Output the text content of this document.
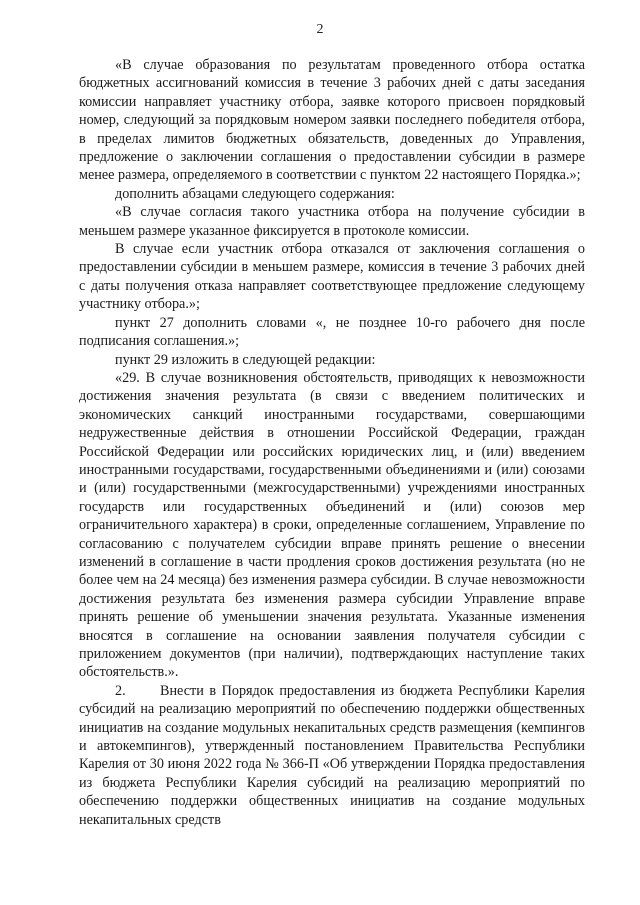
2

«В случае образования по результатам проведенного отбора остатка бюджетных ассигнований комиссия в течение 3 рабочих дней с даты заседания комиссии направляет участнику отбора, заявке которого присвоен порядковый номер, следующий за порядковым номером заявки последнего победителя отбора, в пределах лимитов бюджетных обязательств, доведенных до Управления, предложение о заключении соглашения о предоставлении субсидии в размере менее размера, определяемого в соответствии с пунктом 22 настоящего Порядка.»;

дополнить абзацами следующего содержания:

«В случае согласия такого участника отбора на получение субсидии в меньшем размере указанное фиксируется в протоколе комиссии.

В случае если участник отбора отказался от заключения соглашения о предоставлении субсидии в меньшем размере, комиссия в течение 3 рабочих дней с даты получения отказа направляет соответствующее предложение следующему участнику отбора.»;

пункт 27 дополнить словами «, не позднее 10-го рабочего дня после подписания соглашения.»;

пункт 29 изложить в следующей редакции:

«29. В случае возникновения обстоятельств, приводящих к невозможности достижения значения результата (в связи с введением политических и экономических санкций иностранными государствами, совершающими недружественные действия в отношении Российской Федерации, граждан Российской Федерации или российских юридических лиц, и (или) введением иностранными государствами, государственными объединениями и (или) союзами и (или) государственными (межгосударственными) учреждениями иностранных государств или государственных объединений и (или) союзов мер ограничительного характера) в сроки, определенные соглашением, Управление по согласованию с получателем субсидии вправе принять решение о внесении изменений в соглашение в части продления сроков достижения результата (но не более чем на 24 месяца) без изменения размера субсидии. В случае невозможности достижения результата без изменения размера субсидии Управление вправе принять решение об уменьшении значения результата. Указанные изменения вносятся в соглашение на основании заявления получателя субсидии с приложением документов (при наличии), подтверждающих наступление таких обстоятельств.».

2. Внести в Порядок предоставления из бюджета Республики Карелия субсидий на реализацию мероприятий по обеспечению поддержки общественных инициатив на создание модульных некапитальных средств размещения (кемпингов и автокемпингов), утвержденный постановлением Правительства Республики Карелия от 30 июня 2022 года № 366-П «Об утверждении Порядка предоставления из бюджета Республики Карелия субсидий на реализацию мероприятий по обеспечению поддержки общественных инициатив на создание модульных некапитальных средств
